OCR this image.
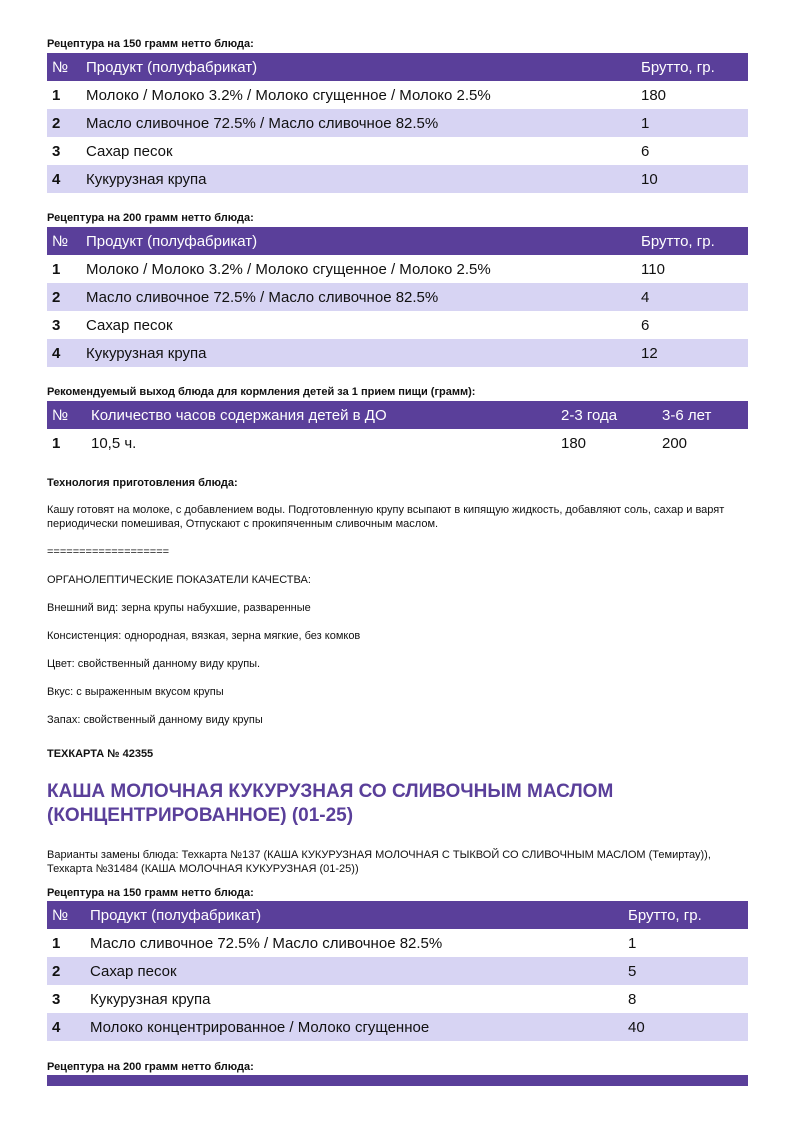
Рецептура на 150 грамм нетто блюда:
№	Продукт (полуфабрикат)	Брутто, гр.
1	Молоко / Молоко 3.2% / Молоко сгущенное / Молоко 2.5%	180
2	Масло сливочное 72.5% / Масло сливочное 82.5%	1
3	Сахар песок	6
4	Кукурузная крупа	10
Рецептура на 200 грамм нетто блюда:
№	Продукт (полуфабрикат)	Брутто, гр.
1	Молоко / Молоко 3.2% / Молоко сгущенное / Молоко 2.5%	110
2	Масло сливочное 72.5% / Масло сливочное 82.5%	4
3	Сахар песок	6
4	Кукурузная крупа	12
Рекомендуемый выход блюда для кормления детей за 1 прием пищи (грамм):
№	Количество часов содержания детей в ДО	2-3 года	3-6 лет
1	10,5 ч.	180	200
Технология приготовления блюда:
Кашу готовят на молоке, с добавлением воды. Подготовленную крупу всыпают в кипящую жидкость, добавляют соль, сахар и варят периодически помешивая, Отпускают с прокипяченным сливочным маслом.
===================
ОРГАНОЛЕПТИЧЕСКИЕ ПОКАЗАТЕЛИ КАЧЕСТВА:
Внешний вид: зерна крупы набухшие, разваренные
Консистенция: однородная, вязкая, зерна мягкие, без комков
Цвет: свойственный данному виду крупы.
Вкус: с выраженным вкусом крупы
Запах: свойственный данному виду крупы
ТЕХКАРТА № 42355
КАША МОЛОЧНАЯ КУКУРУЗНАЯ СО СЛИВОЧНЫМ МАСЛОМ (КОНЦЕНТРИРОВАННОЕ) (01-25)
Варианты замены блюда: Техкарта №137 (КАША КУКУРУЗНАЯ МОЛОЧНАЯ С ТЫКВОЙ СО СЛИВОЧНЫМ МАСЛОМ (Темиртау)), Техкарта №31484 (КАША МОЛОЧНАЯ КУКУРУЗНАЯ (01-25))
Рецептура на 150 грамм нетто блюда:
№	Продукт (полуфабрикат)	Брутто, гр.
1	Масло сливочное 72.5% / Масло сливочное 82.5%	1
2	Сахар песок	5
3	Кукурузная крупа	8
4	Молоко концентрированное / Молоко сгущенное	40
Рецептура на 200 грамм нетто блюда:
